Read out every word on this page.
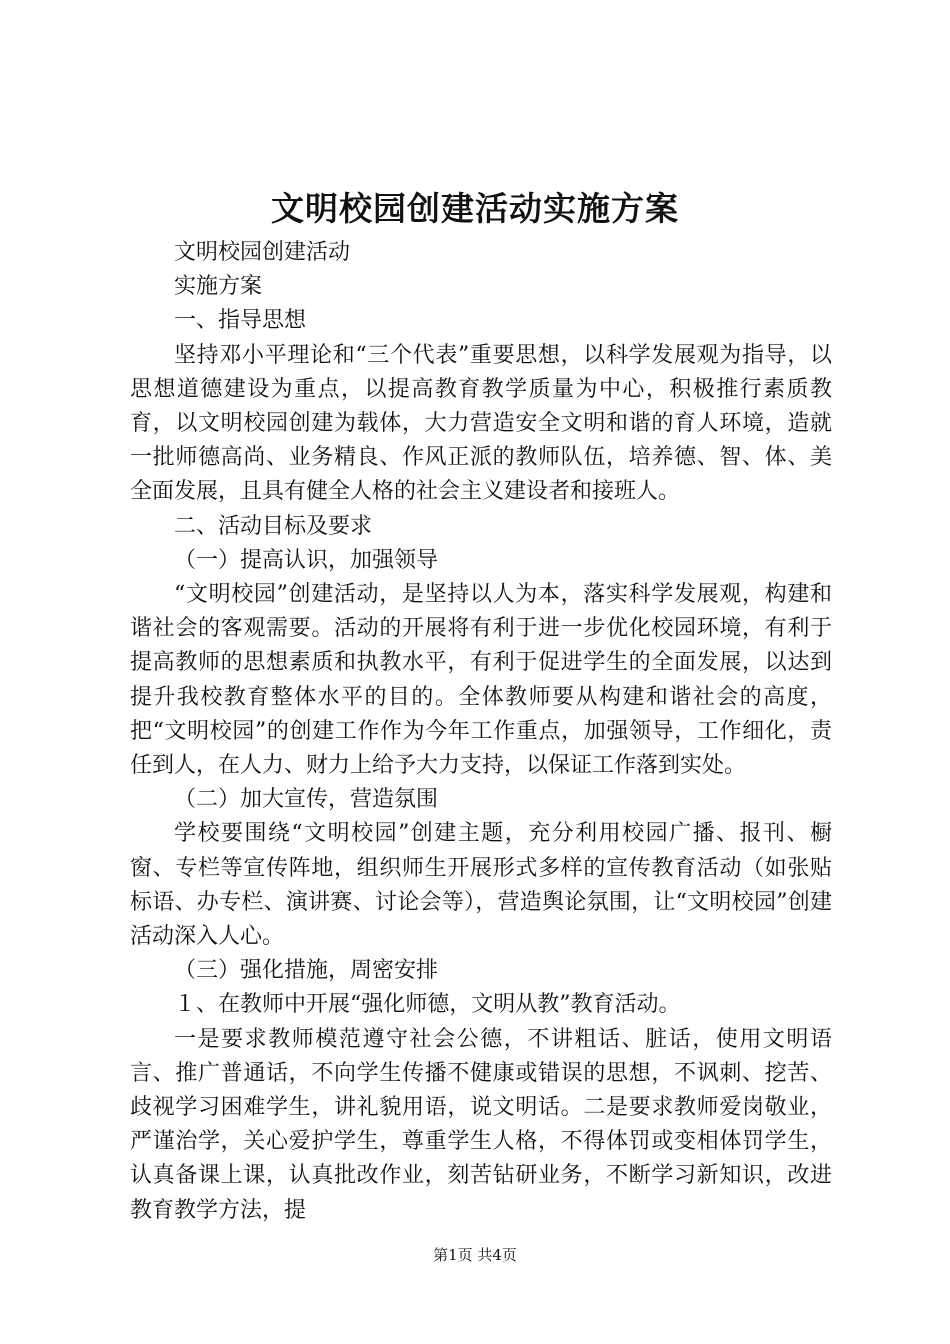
文明校园创建活动实施方案

文明校园创建活动

实施方案

一、指导思想

坚持邓小平理论和“三个代表”重要思想，以科学发展观为指导，以思想道德建设为重点，以提高教育教学质量为中心，积极推行素质教育，以文明校园创建为载体，大力营造安全文明和谐的育人环境，造就一批师德高尚、业务精良、作风正派的教师队伍，培养德、智、体、美全面发展，且具有健全人格的社会主义建设者和接班人。

二、活动目标及要求

（一）提高认识，加强领导

“文明校园”创建活动，是坚持以人为本，落实科学发展观，构建和谐社会的客观需要。活动的开展将有利于进一步优化校园环境，有利于提高教师的思想素质和执教水平，有利于促进学生的全面发展，以达到提升我校教育整体水平的目的。全体教师要从构建和谐社会的高度，把“文明校园”的创建工作作为今年工作重点，加强领导，工作细化，责任到人，在人力、财力上给予大力支持，以保证工作落到实处。

（二）加大宣传，营造氛围

学校要围绕“文明校园”创建主题，充分利用校园广播、报刊、橱窗、专栏等宣传阵地，组织师生开展形式多样的宣传教育活动（如张贴标语、办专栏、演讲赛、讨论会等），营造舆论氛围，让“文明校园”创建活动深入人心。

（三）强化措施，周密安排

１、在教师中开展“强化师德，文明从教”教育活动。

一是要求教师模范遵守社会公德，不讲粗话、脏话，使用文明语言、推广普通话，不向学生传播不健康或错误的思想，不讽刺、挖苦、歧视学习困难学生，讲礼貌用语，说文明话。二是要求教师爱岗敬业，严谨治学，关心爱护学生，尊重学生人格，不得体罚或变相体罚学生，认真备课上课，认真批改作业，刻苦钻研业务，不断学习新知识，改进教育教学方法，提

第1页 共4页
